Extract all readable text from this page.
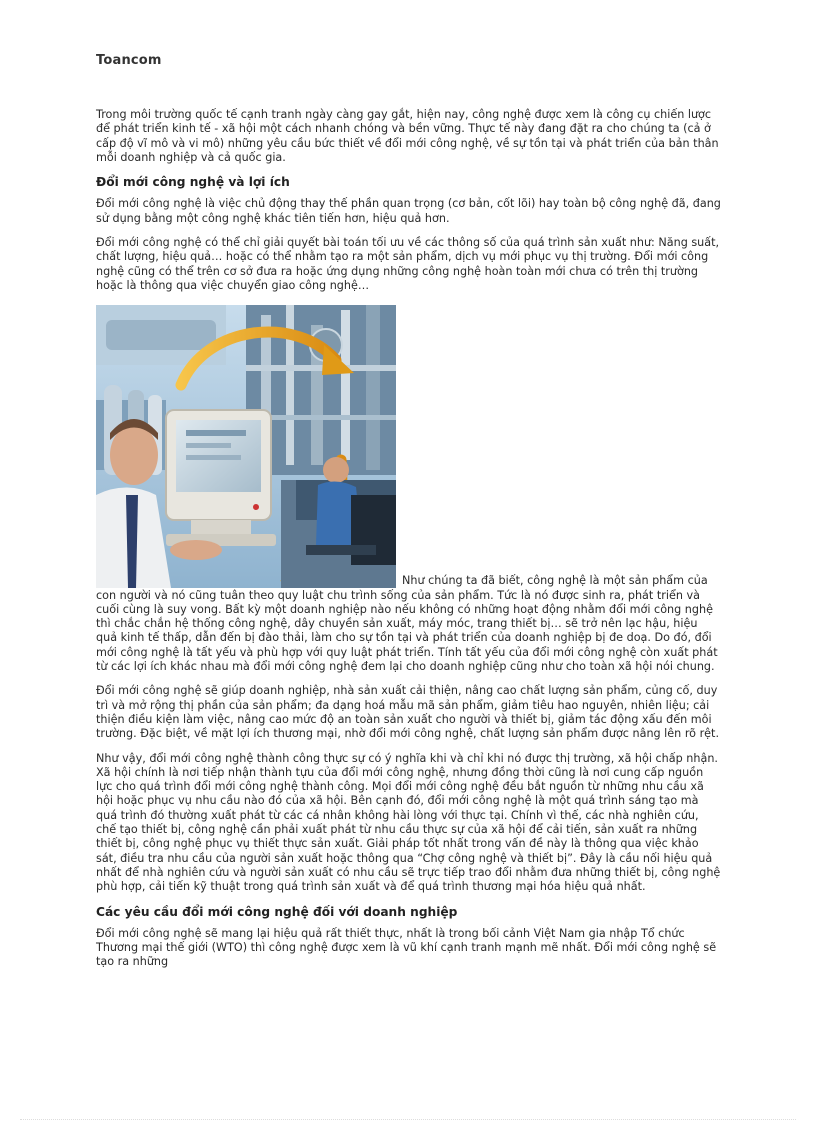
Toancom

Trong môi trường quốc tế cạnh tranh ngày càng gay gắt, hiện nay, công nghệ được xem là công cụ chiến lược để phát triển kinh tế - xã hội một cách nhanh chóng và bền vững. Thực tế này đang đặt ra cho chúng ta (cả ở cấp độ vĩ mô và vi mô) những yêu cầu bức thiết về đổi mới công nghệ, về sự tồn tại và phát triển của bản thân mỗi doanh nghiệp và cả quốc gia.

Đổi mới công nghệ và lợi ích

Đổi mới công nghệ là việc chủ động thay thế phần quan trọng (cơ bản, cốt lõi) hay toàn bộ công nghệ đã, đang sử dụng bằng một công nghệ khác tiên tiến hơn, hiệu quả hơn.

Đổi mới công nghệ có thể chỉ giải quyết bài toán tối ưu về các thông số của quá trình sản xuất như: Năng suất, chất lượng, hiệu quả… hoặc có thể nhằm tạo ra một sản phẩm, dịch vụ mới phục vụ thị trường. Đổi mới công nghệ cũng có thể trên cơ sở đưa ra hoặc ứng dụng những công nghệ hoàn toàn mới chưa có trên thị trường hoặc là thông qua việc chuyển giao công nghệ…

Như chúng ta đã biết, công nghệ là một sản phẩm của con người và nó cũng tuân theo quy luật chu trình sống của sản phẩm. Tức là nó được sinh ra, phát triển và cuối cùng là suy vong. Bất kỳ một doanh nghiệp nào nếu không có những hoạt động nhằm đổi mới công nghệ thì chắc chắn hệ thống công nghệ, dây chuyền sản xuất, máy móc, trang thiết bị… sẽ trở nên lạc hậu, hiệu quả kinh tế thấp, dẫn đến bị đào thải, làm cho sự tồn tại và phát triển của doanh nghiệp bị đe doạ. Do đó, đổi mới công nghệ là tất yếu và phù hợp với quy luật phát triển. Tính tất yếu của đổi mới công nghệ còn xuất phát từ các lợi ích khác nhau mà đổi mới công nghệ đem lại cho doanh nghiệp cũng như cho toàn xã hội nói chung.

Đổi mới công nghệ sẽ giúp doanh nghiệp, nhà sản xuất cải thiện, nâng cao chất lượng sản phẩm, củng cố, duy trì và mở rộng thị phần của sản phẩm; đa dạng hoá mẫu mã sản phẩm, giảm tiêu hao nguyên, nhiên liệu; cải thiện điều kiện làm việc, nâng cao mức độ an toàn sản xuất cho người và thiết bị, giảm tác động xấu đến môi trường. Đặc biệt, về mặt lợi ích thương mại, nhờ đổi mới công nghệ, chất lượng sản phẩm được nâng lên rõ rệt.

Như vậy, đổi mới công nghệ thành công thực sự có ý nghĩa khi và chỉ khi nó được thị trường, xã hội chấp nhận. Xã hội chính là nơi tiếp nhận thành tựu của đổi mới công nghệ, nhưng đồng thời cũng là nơi cung cấp nguồn lực cho quá trình đổi mới công nghệ thành công. Mọi đổi mới công nghệ đều bắt nguồn từ những nhu cầu xã hội hoặc phục vụ nhu cầu nào đó của xã hội. Bên cạnh đó, đổi mới công nghệ là một quá trình sáng tạo mà quá trình đó thường xuất phát từ các cá nhân không hài lòng với thực tại. Chính vì thế, các nhà nghiên cứu, chế tạo thiết bị, công nghệ cần phải xuất phát từ nhu cầu thực sự của xã hội để cải tiến, sản xuất ra những thiết bị, công nghệ phục vụ thiết thực sản xuất. Giải pháp tốt nhất trong vấn đề này là thông qua việc khảo sát, điều tra nhu cầu của người sản xuất hoặc thông qua “Chợ công nghệ và thiết bị”. Đây là cầu nối hiệu quả nhất để nhà nghiên cứu và người sản xuất có nhu cầu sẽ trực tiếp trao đổi nhằm đưa những thiết bị, công nghệ phù hợp, cải tiến kỹ thuật trong quá trình sản xuất và để quá trình thương mại hóa hiệu quả nhất.

Các yêu cầu đổi mới công nghệ đối với doanh nghiệp

Đổi mới công nghệ sẽ mang lại hiệu quả rất thiết thực, nhất là trong bối cảnh Việt Nam gia nhập Tổ chức Thương mại thế giới (WTO) thì công nghệ được xem là vũ khí cạnh tranh mạnh mẽ nhất. Đổi mới công nghệ sẽ tạo ra những
